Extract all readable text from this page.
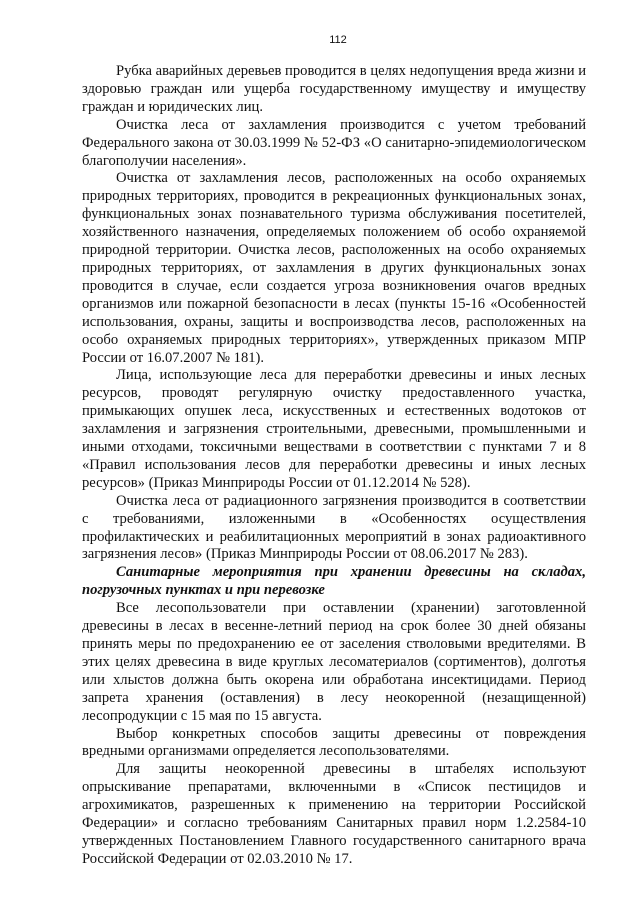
112

Рубка аварийных деревьев проводится в целях недопущения вреда жизни и здоровью граждан или ущерба государственному имуществу и имуществу граждан и юридических лиц.

Очистка леса от захламления производится с учетом требований Федерального закона от 30.03.1999 № 52-ФЗ «О санитарно-эпидемиологическом благополучии населения».

Очистка от захламления лесов, расположенных на особо охраняемых природных территориях, проводится в рекреационных функциональных зонах, функциональных зонах познавательного туризма обслуживания посетителей, хозяйственного назначения, определяемых положением об особо охраняемой природной территории. Очистка лесов, расположенных на особо охраняемых природных территориях, от захламления в других функциональных зонах проводится в случае, если создается угроза возникновения очагов вредных организмов или пожарной безопасности в лесах (пункты 15-16 «Особенностей использования, охраны, защиты и воспроизводства лесов, расположенных на особо охраняемых природных территориях», утвержденных приказом МПР России от 16.07.2007 № 181).

Лица, использующие леса для переработки древесины и иных лесных ресурсов, проводят регулярную очистку предоставленного участка, примыкающих опушек леса, искусственных и естественных водотоков от захламления и загрязнения строительными, древесными, промышленными и иными отходами, токсичными веществами в соответствии с пунктами 7 и 8 «Правил использования лесов для переработки древесины и иных лесных ресурсов» (Приказ Минприроды России от 01.12.2014 № 528).

Очистка леса от радиационного загрязнения производится в соответствии с требованиями, изложенными в «Особенностях осуществления профилактических и реабилитационных мероприятий в зонах радиоактивного загрязнения лесов» (Приказ Минприроды России от 08.06.2017 № 283).

Санитарные мероприятия при хранении древесины на складах, погрузочных пунктах и при перевозке

Все лесопользователи при оставлении (хранении) заготовленной древесины в лесах в весенне-летний период на срок более 30 дней обязаны принять меры по предохранению ее от заселения стволовыми вредителями. В этих целях древесина в виде круглых лесоматериалов (сортиментов), долготья или хлыстов должна быть окорена или обработана инсектицидами. Период запрета хранения (оставления) в лесу неокоренной (незащищенной) лесопродукции с 15 мая по 15 августа.

Выбор конкретных способов защиты древесины от повреждения вредными организмами определяется лесопользователями.

Для защиты неокоренной древесины в штабелях используют опрыскивание препаратами, включенными в «Список пестицидов и агрохимикатов, разрешенных к применению на территории Российской Федерации» и согласно требованиям Санитарных правил норм 1.2.2584-10 утвержденных Постановлением Главного государственного санитарного врача Российской Федерации от 02.03.2010 № 17.
